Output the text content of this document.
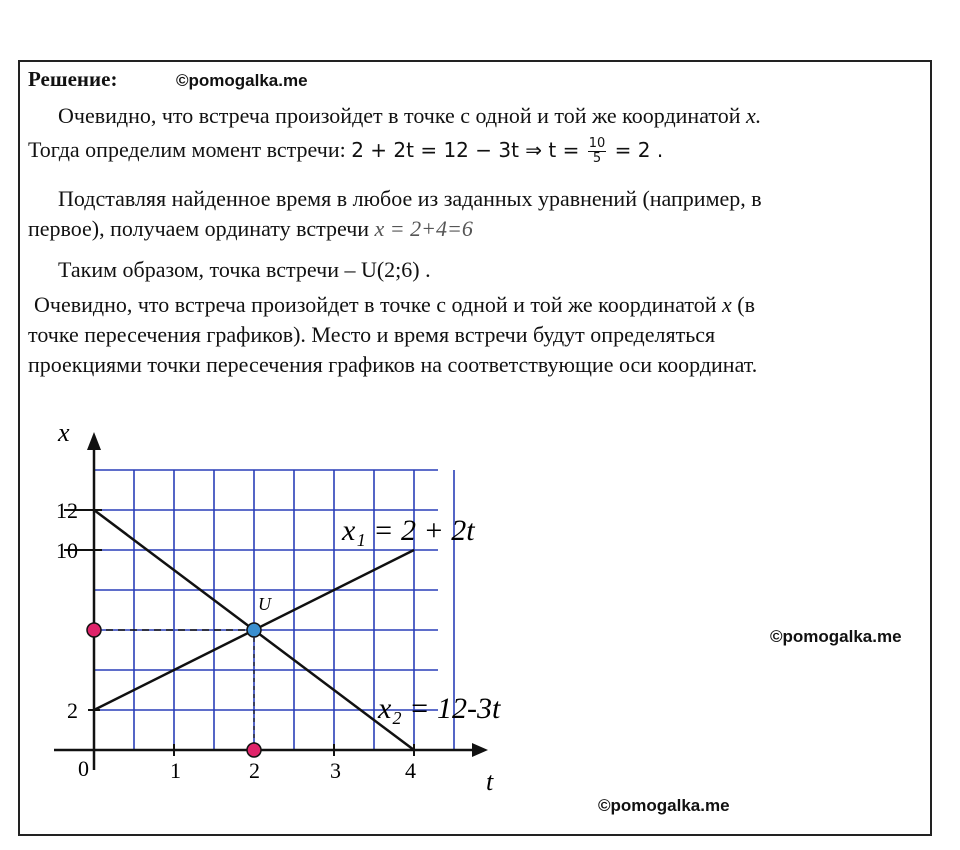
Решение:	©pomogalka.me
Очевидно, что встреча произойдет в точке с одной и той же координатой x.
Тогда определим момент встречи: 2 + 2t = 12 − 3t ⇒ $t = \frac{10}{5} = 2$ .
Подставляя найденное время в любое из заданных уравнений (например, в
первое), получаем ординату встречи x = 2+4=6
Таким образом, точка встречи – U(2;6) .
Очевидно, что встреча произойдет в точке с одной и той же координатой x (в
точке пересечения графиков). Место и время встречи будут определяться
проекциями точки пересечения графиков на соответствующие оси координат.
©pomogalka.me
©pomogalka.me
x
t
0	1	2	3	4
12
10
2
U
x₁ = 2 + 2t
x₂ = 12-3t
